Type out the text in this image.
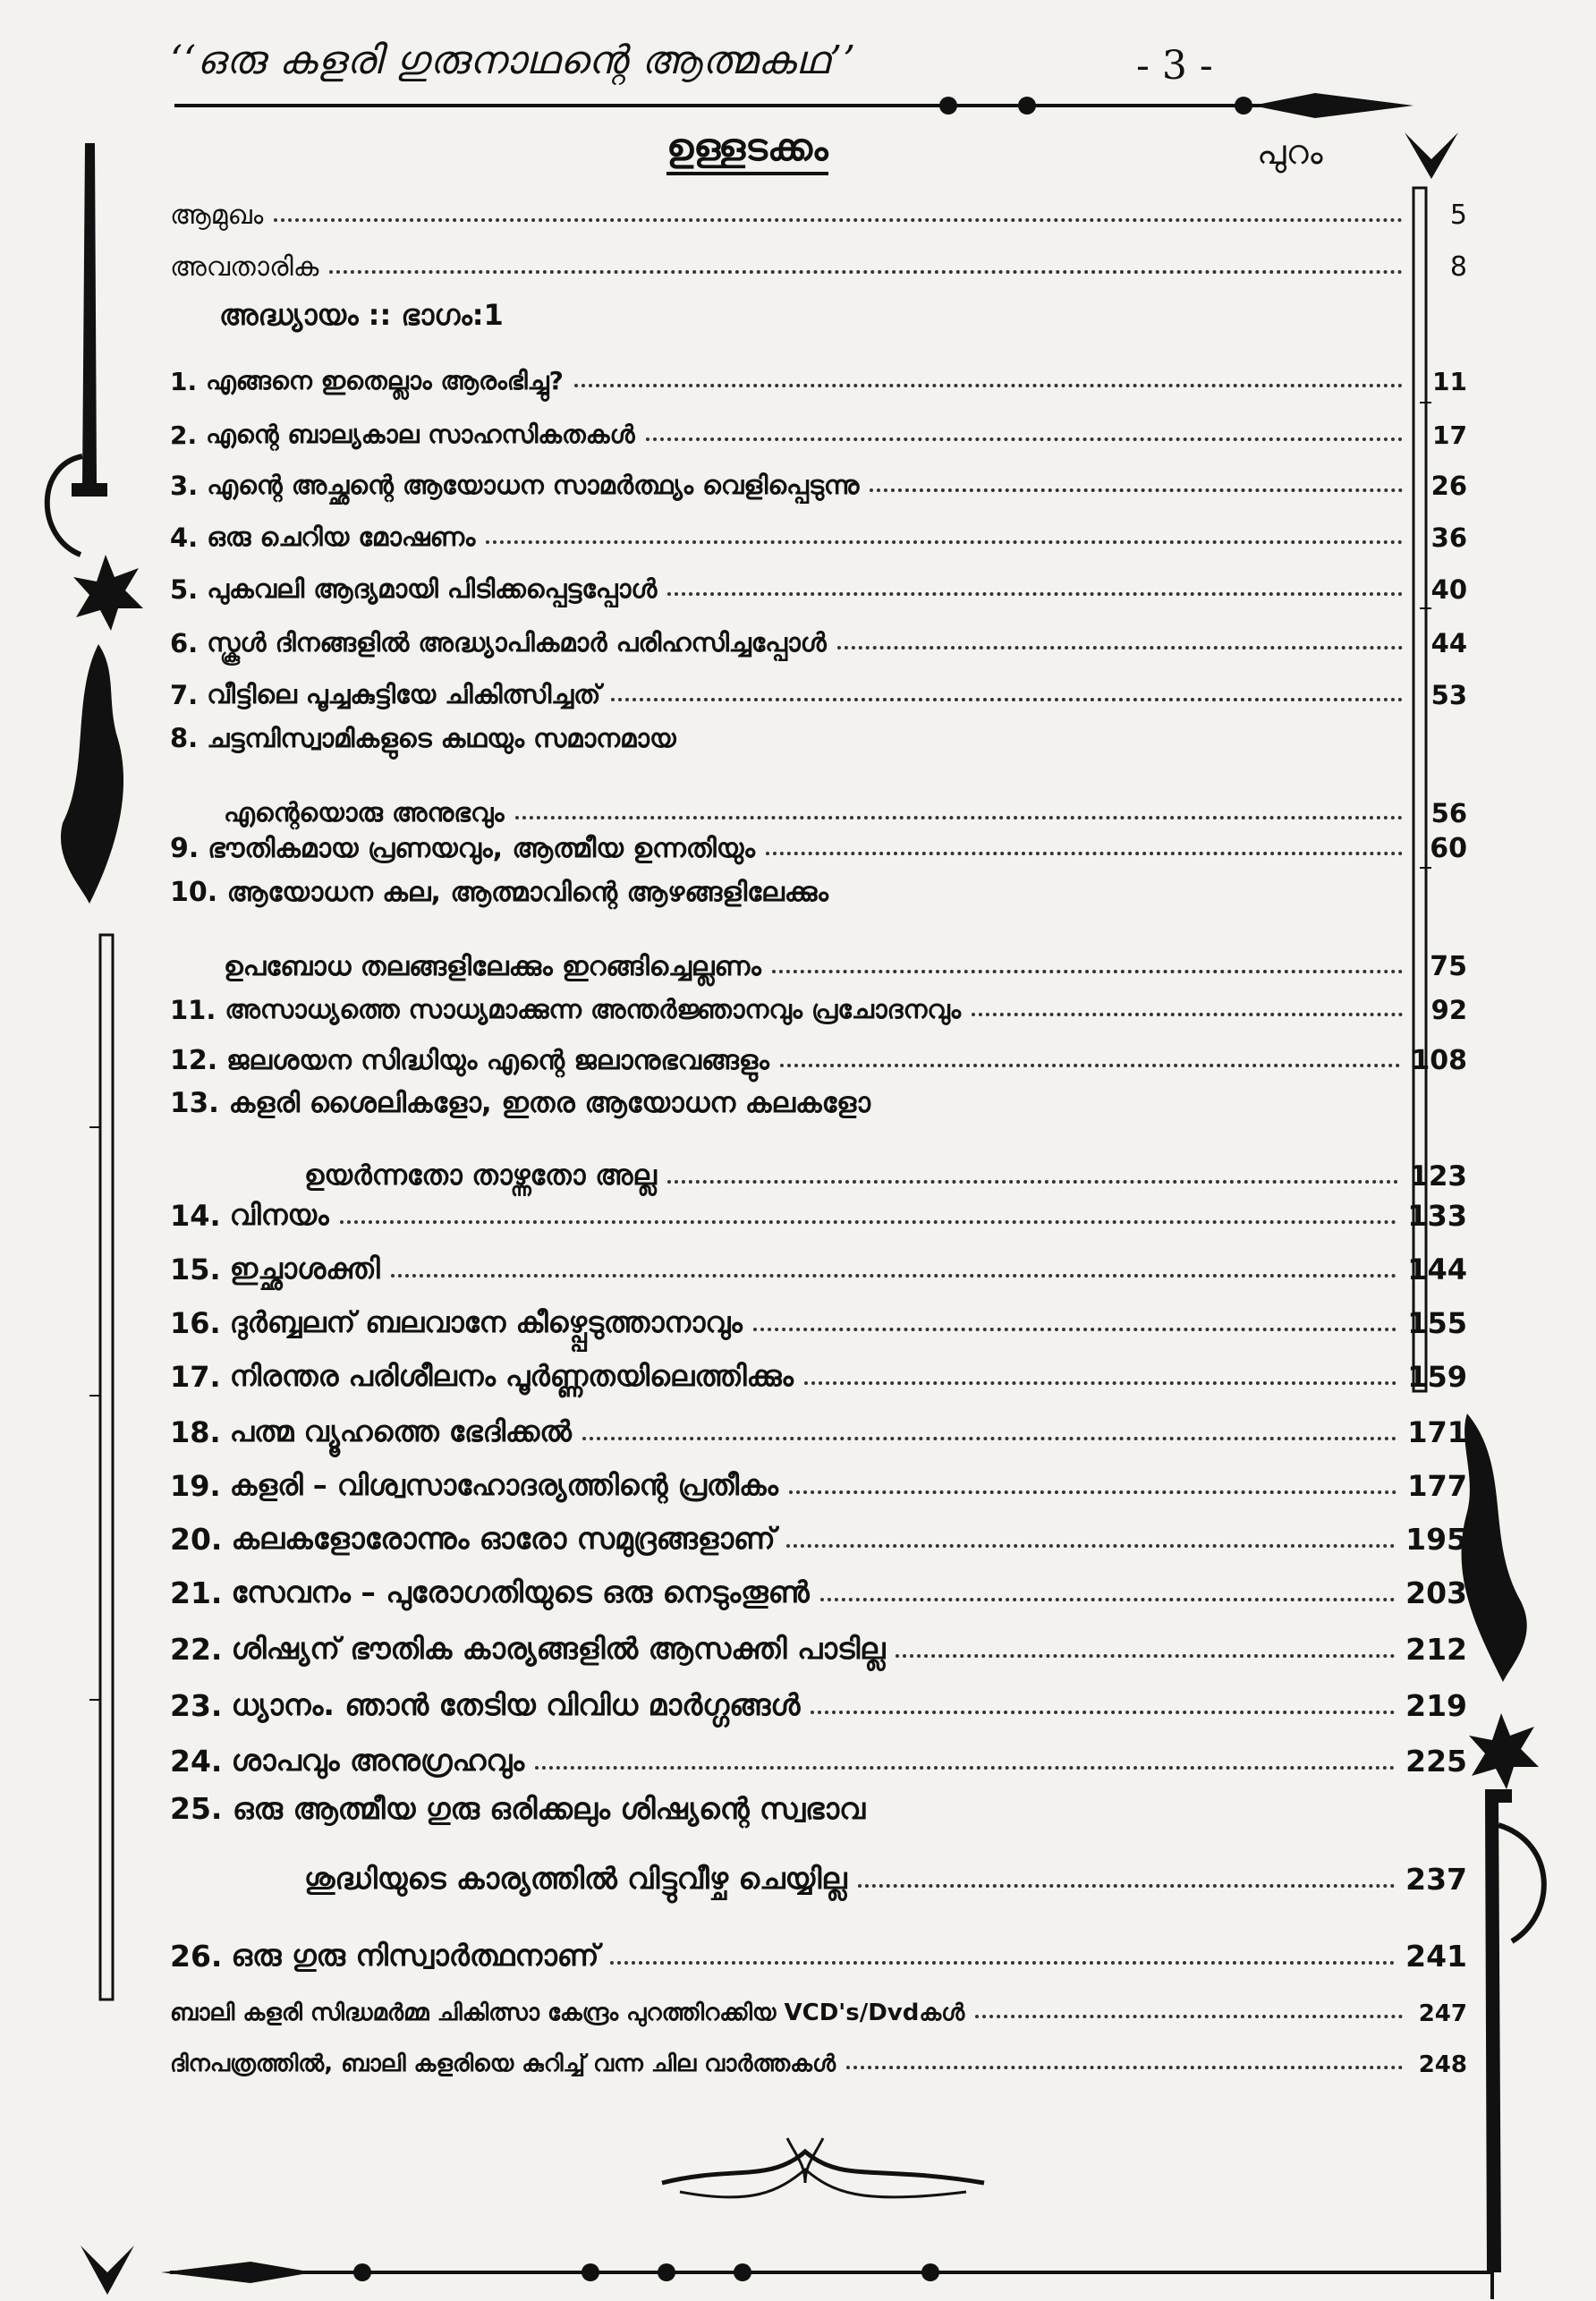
‘‘ഒരു കളരി ഗുരുനാഥന്റെ ആത്മകഥ’’	- 3 -
ഉള്ളടക്കം	പുറം
അദ്ധ്യായം :: ഭാഗം:1
ആമുഖം	5
അവതാരിക	8
1. എങ്ങനെ ഇതെല്ലാം ആരംഭിച്ചു?	11
2. എന്റെ ബാല്യകാല സാഹസികതകൾ	17
3. എന്റെ അച്ഛന്റെ ആയോധന സാമർത്ഥ്യം വെളിപ്പെടുന്നു	26
4. ഒരു ചെറിയ മോഷണം	36
5. പുകവലി ആദ്യമായി പിടിക്കപ്പെട്ടപ്പോൾ	40
6. സ്കൂൾ ദിനങ്ങളിൽ അദ്ധ്യാപികമാർ പരിഹസിച്ചപ്പോൾ	44
7. വീട്ടിലെ പൂച്ചകുട്ടിയേ ചികിത്സിച്ചത്	53
8. ചട്ടമ്പിസ്വാമികളുടെ കഥയും സമാനമായ
എന്റെയൊരു അനുഭവും	56
9. ഭൗതികമായ പ്രണയവും, ആത്മീയ ഉന്നതിയും	60
10. ആയോധന കല, ആത്മാവിന്റെ ആഴങ്ങളിലേക്കും
ഉപബോധ തലങ്ങളിലേക്കും ഇറങ്ങിച്ചെല്ലണം	75
11. അസാധ്യത്തെ സാധ്യമാക്കുന്ന അന്തർജ്ഞാനവും പ്രചോദനവും	92
12. ജലശയന സിദ്ധിയും എന്റെ ജലാനുഭവങ്ങളും	108
13. കളരി ശൈലികളോ, ഇതര ആയോധന കലകളോ
ഉയർന്നതോ താഴ്ന്നതോ അല്ല	123
14. വിനയം	133
15. ഇച്ഛാശക്തി	144
16. ദുർബ്ബലന് ബലവാനേ കീഴ്പ്പെടുത്താനാവും	155
17. നിരന്തര പരിശീലനം പൂർണ്ണതയിലെത്തിക്കും	159
18. പത്മ വ്യൂഹത്തെ ഭേദിക്കൽ	171
19. കളരി – വിശ്വസാഹോദര്യത്തിന്റെ പ്രതീകം	177
20. കലകളോരോന്നും ഓരോ സമുദ്രങ്ങളാണ്	195
21. സേവനം – പുരോഗതിയുടെ ഒരു നെടുംതൂൺ	203
22. ശിഷ്യന് ഭൗതിക കാര്യങ്ങളിൽ ആസക്തി പാടില്ല	212
23. ധ്യാനം. ഞാൻ തേടിയ വിവിധ മാർഗ്ഗങ്ങൾ	219
24. ശാപവും അനുഗ്രഹവും	225
25. ഒരു ആത്മീയ ഗുരു ഒരിക്കലും ശിഷ്യന്റെ സ്വഭാവ
ശുദ്ധിയുടെ കാര്യത്തിൽ വിട്ടുവീഴ്ച ചെയ്യില്ല	237
26. ഒരു ഗുരു നിസ്വാർത്ഥനാണ്	241
ബാലി കളരി സിദ്ധമർമ്മ ചികിത്സാ കേന്ദ്രം പുറത്തിറക്കിയ VCD's/Dvdകൾ	247
ദിനപത്രത്തിൽ, ബാലി കളരിയെ കുറിച്ച് വന്ന ചില വാർത്തകൾ	248
